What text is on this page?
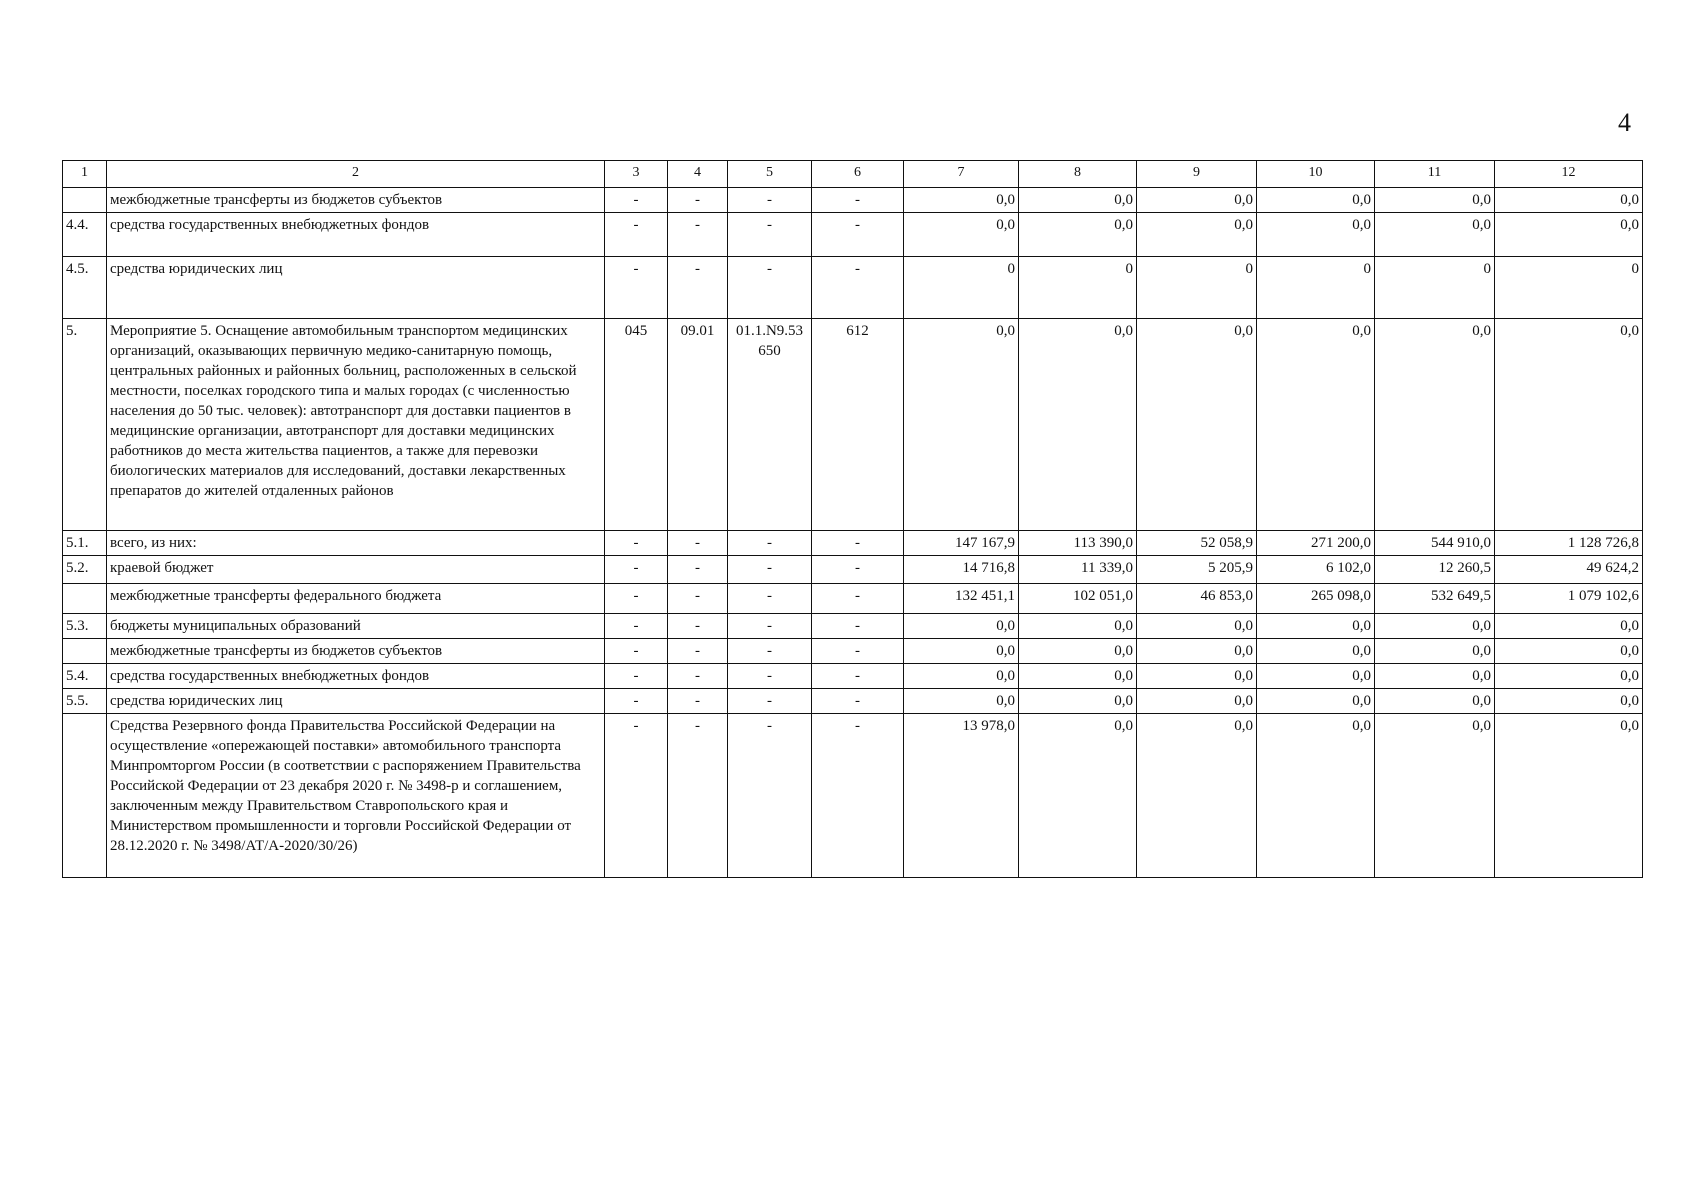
4
1	2	3	4	5	6	7	8	9	10	11	12
	межбюджетные трансферты из бюджетов субъектов	-	-	-	-	0,0	0,0	0,0	0,0	0,0	0,0
4.4.	средства государственных внебюджетных фондов	-	-	-	-	0,0	0,0	0,0	0,0	0,0	0,0
4.5.	средства юридических лиц	-	-	-	-	0	0	0	0	0	0
5.	Мероприятие 5. Оснащение автомобильным транспортом медицинских организаций, оказывающих первичную медико-санитарную помощь, центральных районных и районных больниц, расположенных в сельской местности, поселках городского типа и малых городах (с численностью населения до 50 тыс. человек): автотранспорт для доставки пациентов в медицинские организации, автотранспорт для доставки медицинских работников до места жительства пациентов, а также для перевозки биологических материалов для исследований, доставки лекарственных препаратов до жителей отдаленных районов	045	09.01	01.1.N9.53 650	612	0,0	0,0	0,0	0,0	0,0	0,0
5.1.	всего, из них:	-	-	-	-	147 167,9	113 390,0	52 058,9	271 200,0	544 910,0	1 128 726,8
5.2.	краевой бюджет	-	-	-	-	14 716,8	11 339,0	5 205,9	6 102,0	12 260,5	49 624,2
	межбюджетные трансферты федерального бюджета	-	-	-	-	132 451,1	102 051,0	46 853,0	265 098,0	532 649,5	1 079 102,6
5.3.	бюджеты муниципальных образований	-	-	-	-	0,0	0,0	0,0	0,0	0,0	0,0
	межбюджетные трансферты из бюджетов субъектов	-	-	-	-	0,0	0,0	0,0	0,0	0,0	0,0
5.4.	средства государственных внебюджетных фондов	-	-	-	-	0,0	0,0	0,0	0,0	0,0	0,0
5.5.	средства юридических лиц	-	-	-	-	0,0	0,0	0,0	0,0	0,0	0,0
	Средства Резервного фонда Правительства Российской Федерации на осуществление «опережающей поставки» автомобильного транспорта Минпромторгом России (в соответствии с распоряжением Правительства Российской Федерации от 23 декабря 2020 г. № 3498-р и соглашением, заключенным между Правительством Ставропольского края и Министерством промышленности и торговли Российской Федерации от 28.12.2020 г. № 3498/АТ/А-2020/30/26)	-	-	-	-	13 978,0	0,0	0,0	0,0	0,0	0,0
